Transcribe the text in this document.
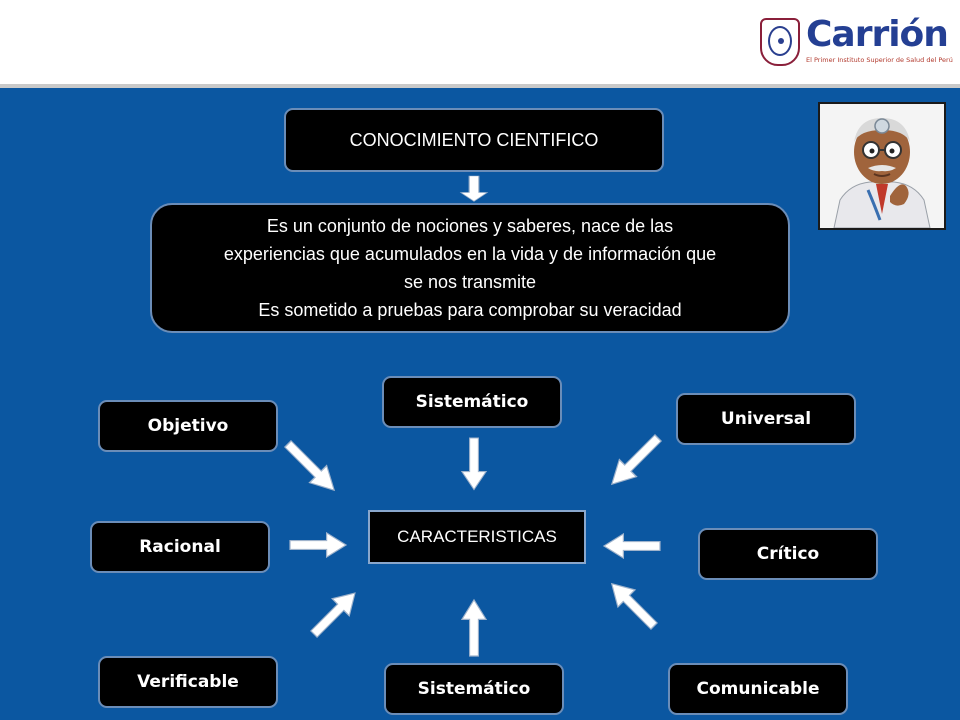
Carrión
El Primer Instituto Superior de Salud del Perú
CONOCIMIENTO CIENTIFICO
Es un conjunto de nociones y saberes, nace de las
experiencias que acumulados en la vida y de información que
se nos transmite
Es sometido a pruebas para comprobar su veracidad
CARACTERISTICAS
Sistemático
Objetivo	Universal
Racional	Crítico
Verificable	Sistemático	Comunicable
